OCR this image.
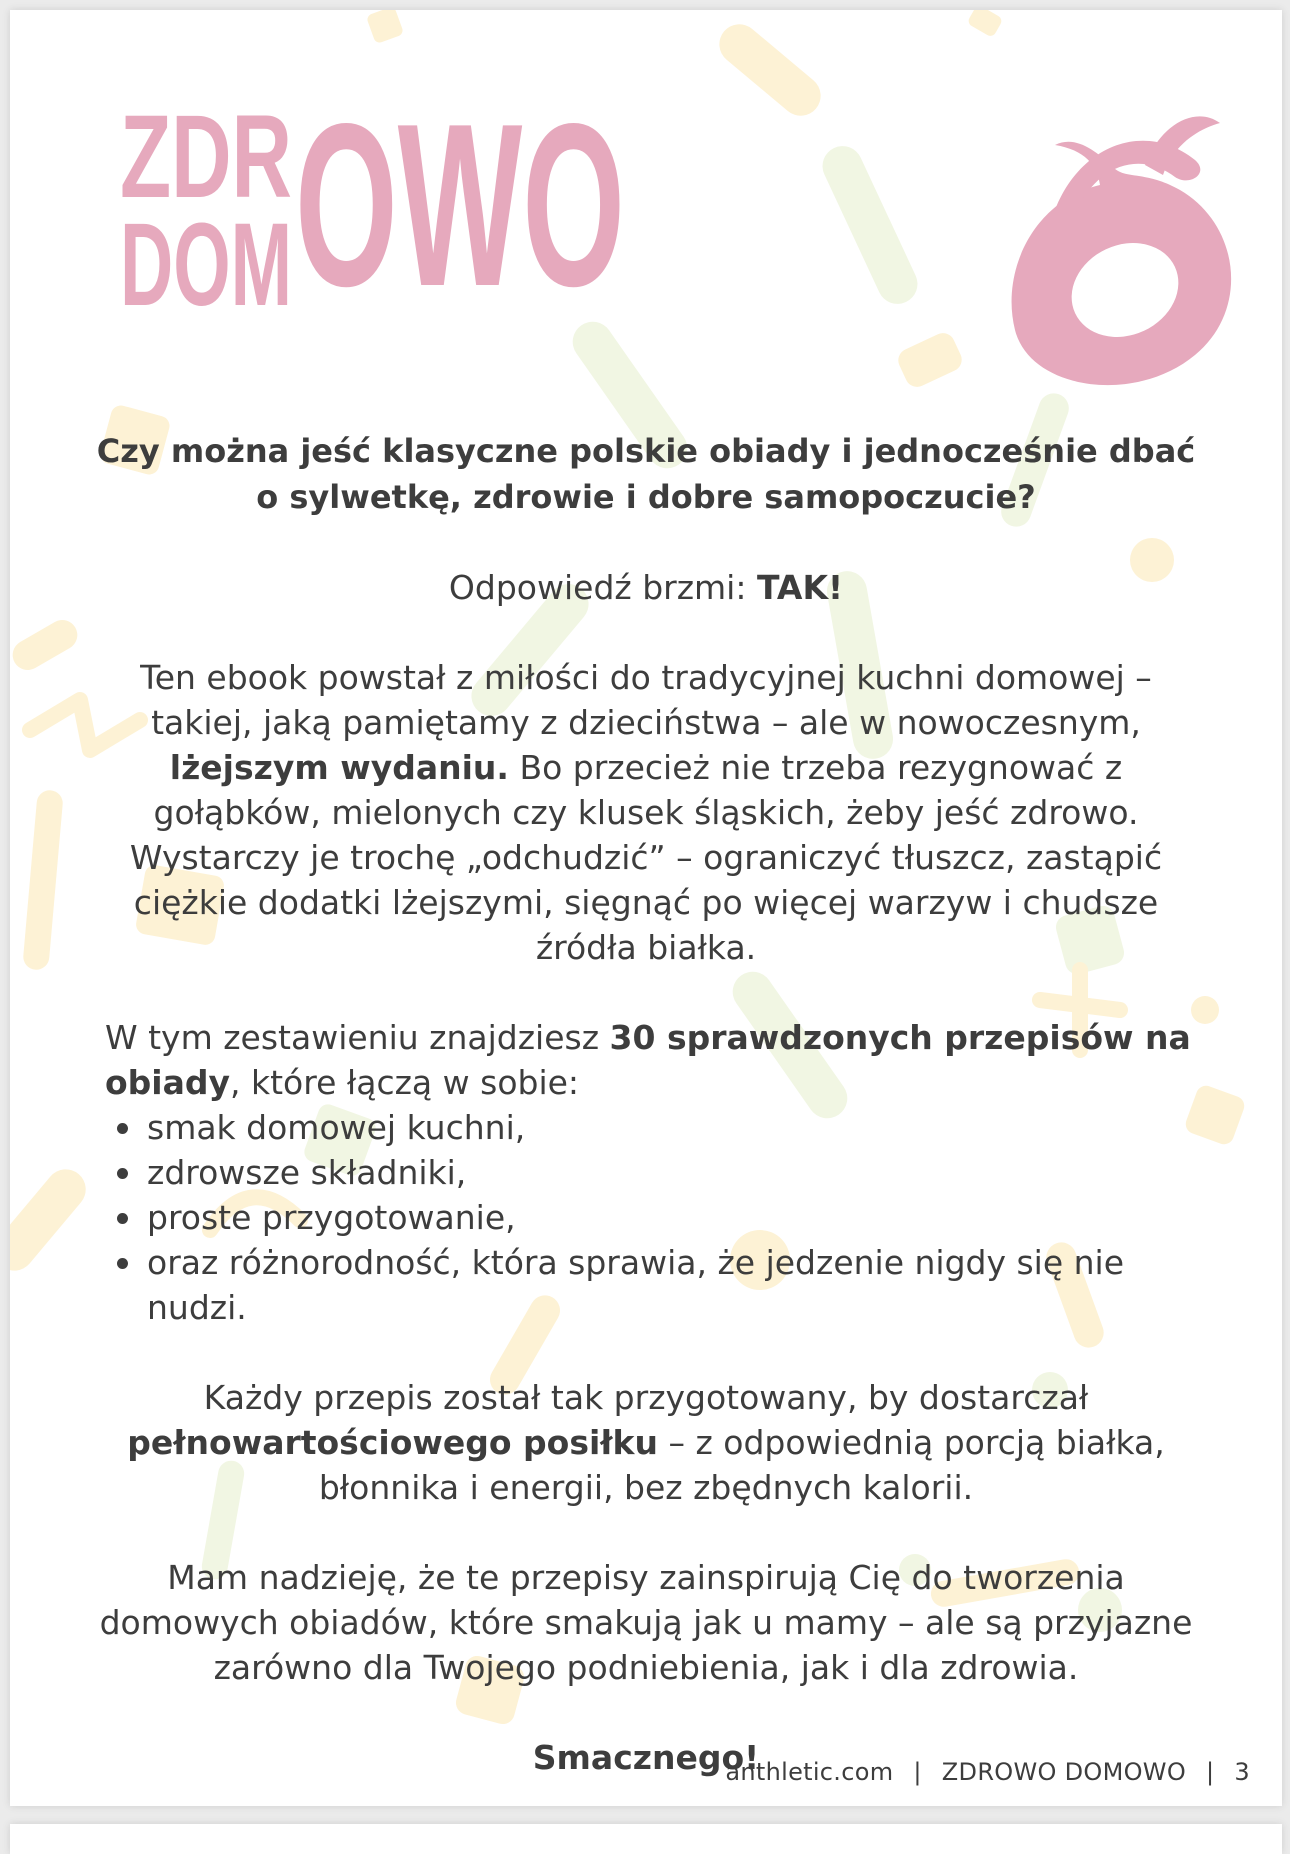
ZDR
DOM OWO

Czy można jeść klasyczne polskie obiady i jednocześnie dbać o sylwetkę, zdrowie i dobre samopoczucie?

Odpowiedź brzmi: TAK!

Ten ebook powstał z miłości do tradycyjnej kuchni domowej – takiej, jaką pamiętamy z dzieciństwa – ale w nowoczesnym,
lżejszym wydaniu. Bo przecież nie trzeba rezygnować z gołąbków, mielonych czy klusek śląskich, żeby jeść zdrowo. Wystarczy je trochę „odchudzić” – ograniczyć tłuszcz, zastąpić ciężkie dodatki lżejszymi, sięgnąć po więcej warzyw i chudsze źródła białka.

W tym zestawieniu znajdziesz 30 sprawdzonych przepisów na obiady, które łączą w sobie:

smak domowej kuchni,
zdrowsze składniki,
proste przygotowanie,
oraz różnorodność, która sprawia, że jedzenie nigdy się nie nudzi.

Każdy przepis został tak przygotowany, by dostarczał pełnowartościowego posiłku – z odpowiednią porcją białka, błonnika i energii, bez zbędnych kalorii.

Mam nadzieję, że te przepisy zainspirują Cię do tworzenia domowych obiadów, które smakują jak u mamy – ale są przyjazne zarówno dla Twojego podniebienia, jak i dla zdrowia.

Smacznego!

anthletic.com | ZDROWO DOMOWO | 3
